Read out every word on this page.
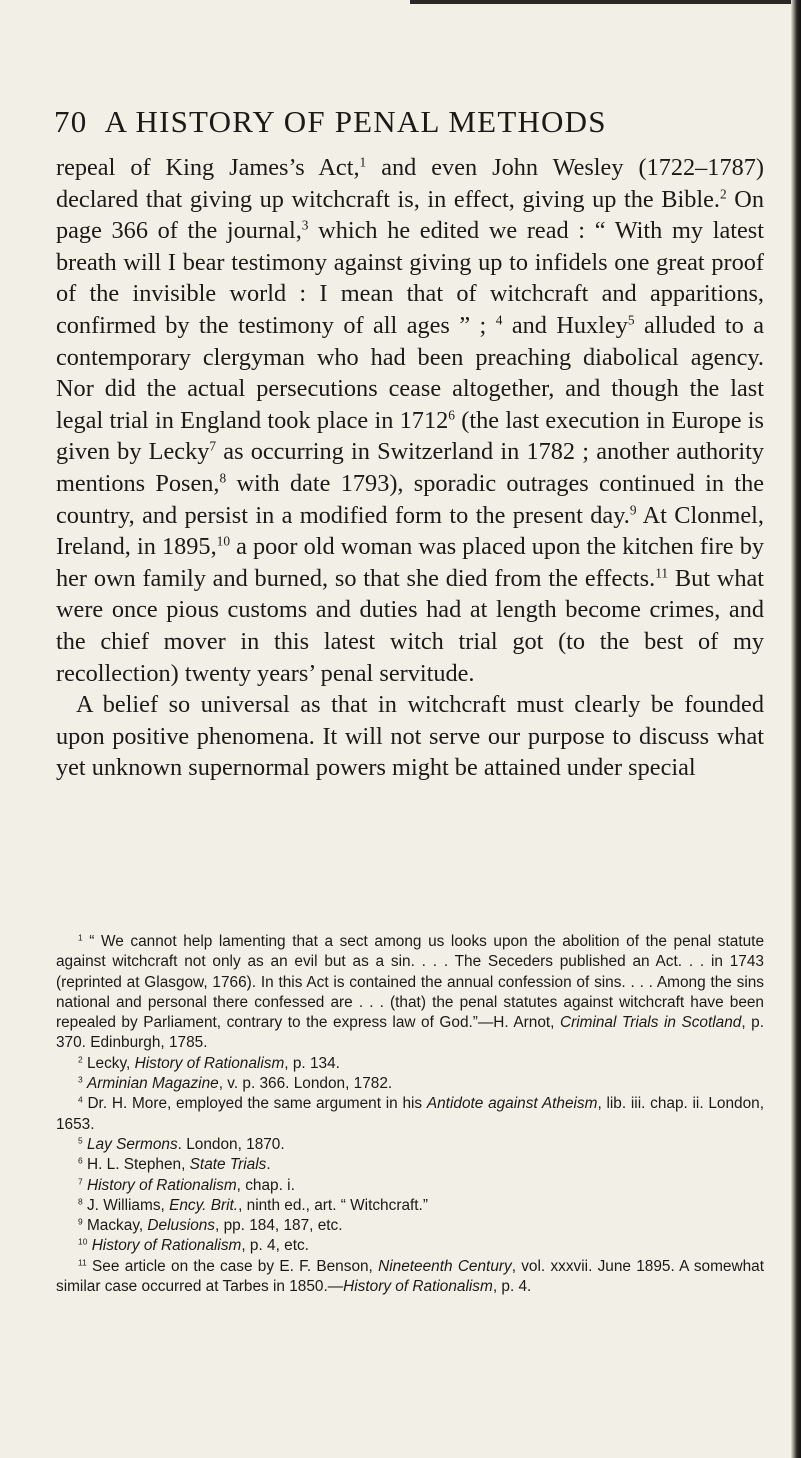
70 A HISTORY OF PENAL METHODS

repeal of King James’s Act,$^1$ and even John Wesley (1722–1787) declared that giving up witchcraft is, in effect, giving up the Bible.$^2$ On page 366 of the journal,$^3$ which he edited we read : “ With my latest breath will I bear testimony against giving up to infidels one great proof of the invisible world : I mean that of witchcraft and apparitions, confirmed by the testimony of all ages ” ; $^4$ and Huxley$^5$ alluded to a contemporary clergyman who had been preaching diabolical agency. Nor did the actual persecutions cease altogether, and though the last legal trial in England took place in 1712$^6$ (the last execution in Europe is given by Lecky$^7$ as occurring in Switzerland in 1782 ; another authority mentions Posen,$^8$ with date 1793), sporadic outrages continued in the country, and persist in a modified form to the present day.$^9$ At Clonmel, Ireland, in 1895,10 a poor old woman was placed upon the kitchen fire by her own family and burned, so that she died from the effects.$^{11}$ But what were once pious customs and duties had at length become crimes, and the chief mover in this latest witch trial got (to the best of my recollection) twenty years’ penal servitude.

A belief so universal as that in witchcraft must clearly be founded upon positive phenomena. It will not serve our purpose to discuss what yet unknown supernormal powers might be attained under special

$^1$ “ We cannot help lamenting that a sect among us looks upon the abolition of the penal statute against witchcraft not only as an evil but as a sin. . . . The Seceders published an Act. . . in 1743 (reprinted at Glasgow, 1766). In this Act is contained the annual confession of sins. . . . Among the sins national and personal there confessed are . . . (that) the penal statutes against witchcraft have been repealed by Parliament, contrary to the express law of God.”—H. Arnot, Criminal Trials in Scotland, p. 370. Edinburgh, 1785.

$^2$ Lecky, History of Rationalism, p. 134.

$^3$ Arminian Magazine, v. p. 366. London, 1782.

$^4$ Dr. H. More, employed the same argument in his Antidote against Atheism, lib. iii. chap. ii. London, 1653.

$^5$ Lay Sermons. London, 1870.

$^6$ H. L. Stephen, State Trials.

$^7$ History of Rationalism, chap. i.

$^8$ J. Williams, Ency. Brit., ninth ed., art. “ Witchcraft.”

$^9$ Mackay, Delusions, pp. 184, 187, etc.

$^{10}$ History of Rationalism, p. 4, etc.

$^{11}$ See article on the case by E. F. Benson, Nineteenth Century, vol. xxxvii. June 1895. A somewhat similar case occurred at Tarbes in 1850.—History of Rationalism, p. 4.
